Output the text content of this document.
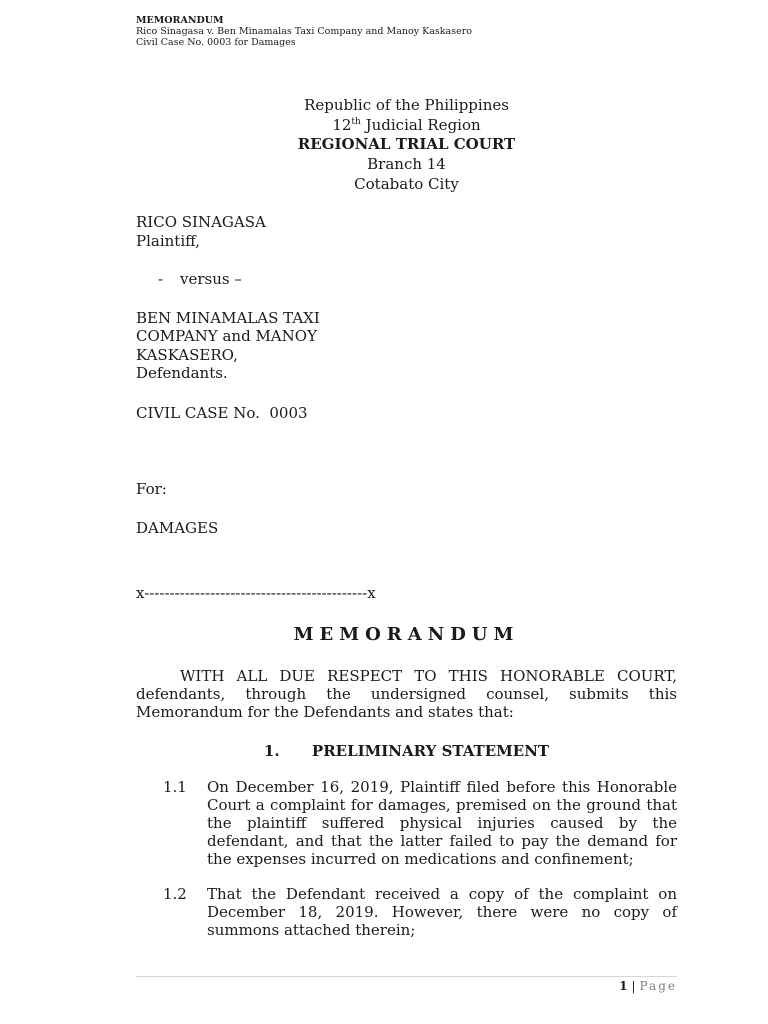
MEMORANDUM
Rico Sinagasa v. Ben Minamalas Taxi Company and Manoy Kaskasero
Civil Case No. 0003 for Damages
Republic of the Philippines
12th Judicial Region
REGIONAL TRIAL COURT
Branch 14
Cotabato City
RICO SINAGASA
Plaintiff,
- versus –
BEN MINAMALAS TAXI
COMPANY and MANOY
KASKASERO,
Defendants.
CIVIL CASE No.  0003
For:
DAMAGES
x--------------------------------------------x
MEMORANDUM
WITH ALL DUE RESPECT TO THIS HONORABLE COURT, defendants, through the undersigned counsel, submits this Memorandum for the Defendants and states that:
1. PRELIMINARY STATEMENT
1.1 On December 16, 2019, Plaintiff filed before this Honorable Court a complaint for damages, premised on the ground that the plaintiff suffered physical injuries caused by the defendant, and that the latter failed to pay the demand for the expenses incurred on medications and confinement;
1.2 That the Defendant received a copy of the complaint on December 18, 2019. However, there were no copy of summons attached therein;
1 | Page
